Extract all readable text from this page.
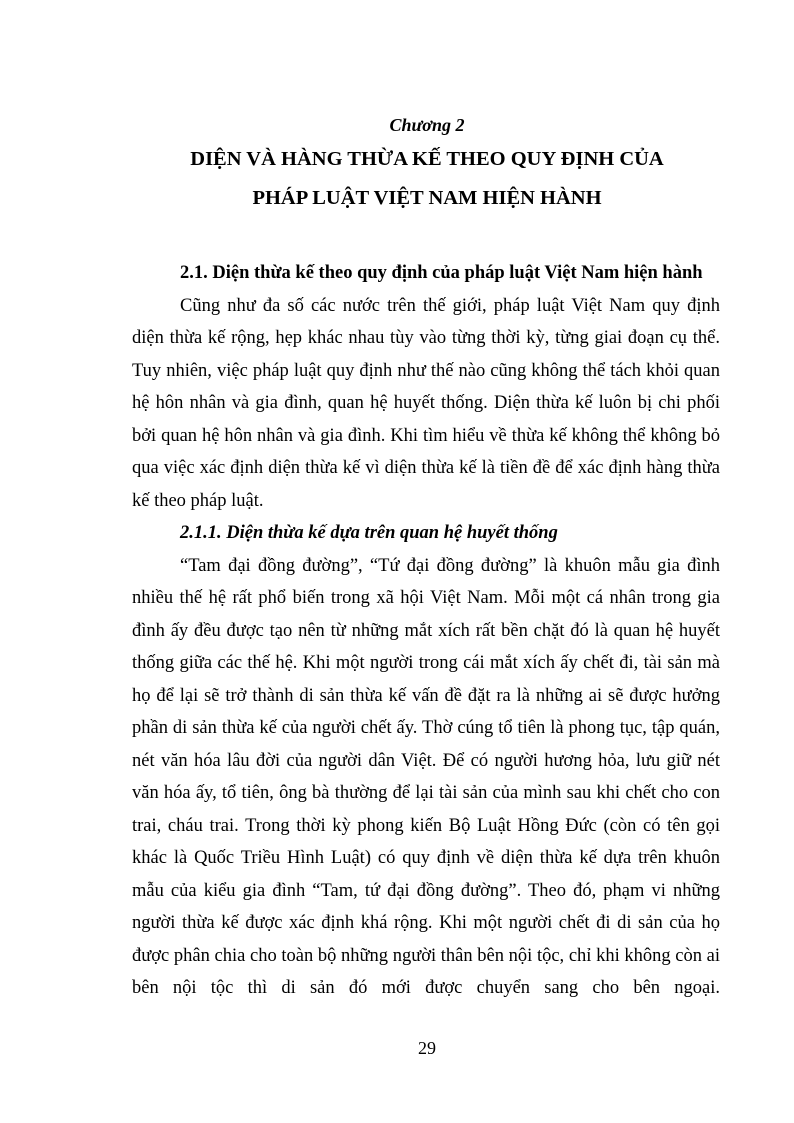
Chương 2
DIỆN VÀ HÀNG THỪA KẾ THEO QUY ĐỊNH CỦA
PHÁP LUẬT VIỆT NAM HIỆN HÀNH
2.1. Diện thừa kế theo quy định của pháp luật Việt Nam hiện hành

Cũng như đa số các nước trên thế giới, pháp luật Việt Nam quy định diện thừa kế rộng, hẹp khác nhau tùy vào từng thời kỳ, từng giai đoạn cụ thể. Tuy nhiên, việc pháp luật quy định như thế nào cũng không thể tách khỏi quan hệ hôn nhân và gia đình, quan hệ huyết thống. Diện thừa kế luôn bị chi phối bởi quan hệ hôn nhân và gia đình. Khi tìm hiểu về thừa kế không thể không bỏ qua việc xác định diện thừa kế vì diện thừa kế là tiền đề để xác định hàng thừa kế theo pháp luật.

2.1.1. Diện thừa kế dựa trên quan hệ huyết thống

“Tam đại đồng đường”, “Tứ đại đồng đường” là khuôn mẫu gia đình nhiều thế hệ rất phổ biến trong xã hội Việt Nam. Mỗi một cá nhân trong gia đình ấy đều được tạo nên từ những mắt xích rất bền chặt đó là quan hệ huyết thống giữa các thế hệ. Khi một người trong cái mắt xích ấy chết đi, tài sản mà họ để lại sẽ trở thành di sản thừa kế vấn đề đặt ra là những ai sẽ được hưởng phần di sản thừa kế của người chết ấy. Thờ cúng tổ tiên là phong tục, tập quán, nét văn hóa lâu đời của người dân Việt. Để có người hương hỏa, lưu giữ nét văn hóa ấy, tổ tiên, ông bà thường để lại tài sản của mình sau khi chết cho con trai, cháu trai. Trong thời kỳ phong kiến Bộ Luật Hồng Đức (còn có tên gọi khác là Quốc Triều Hình Luật) có quy định về diện thừa kế dựa trên khuôn mẫu của kiểu gia đình “Tam, tứ đại đồng đường”. Theo đó, phạm vi những người thừa kế được xác định khá rộng. Khi một người chết đi di sản của họ được phân chia cho toàn bộ những người thân bên nội tộc, chỉ khi không còn ai bên nội tộc thì di sản đó mới được chuyển sang cho bên ngoại.

29
